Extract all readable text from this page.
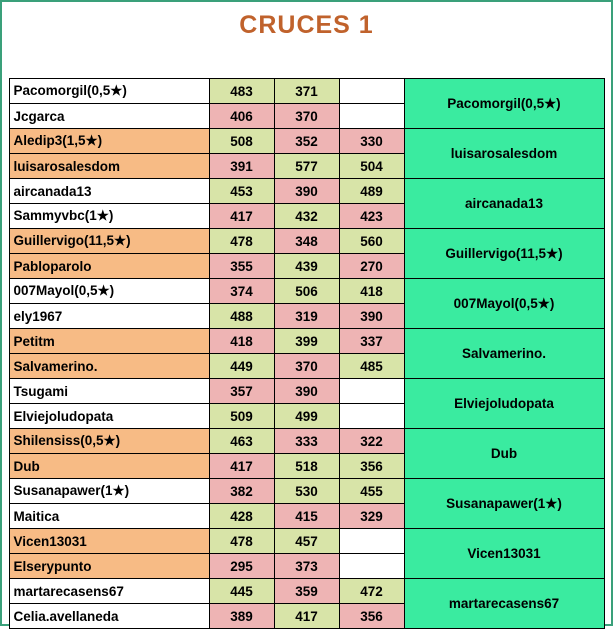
CRUCES 1
Pacomorgil(0,5★)	483	371		Pacomorgil(0,5★)
Jcgarca	406	370		
Aledip3(1,5★)	508	352	330	luisarosalesdom
luisarosalesdom	391	577	504	
aircanada13	453	390	489	aircanada13
Sammyvbc(1★)	417	432	423	
Guillervigo(11,5★)	478	348	560	Guillervigo(11,5★)
Pabloparolo	355	439	270	
007Mayol(0,5★)	374	506	418	007Mayol(0,5★)
ely1967	488	319	390	
Petitm	418	399	337	Salvamerino.
Salvamerino.	449	370	485	
Tsugami	357	390		Elviejoludopata
Elviejoludopata	509	499		
Shilensiss(0,5★)	463	333	322	Dub
Dub	417	518	356	
Susanapawer(1★)	382	530	455	Susanapawer(1★)
Maitica	428	415	329	
Vicen13031	478	457		Vicen13031
Elserypunto	295	373		
martarecasens67	445	359	472	martarecasens67
Celia.avellaneda	389	417	356	
